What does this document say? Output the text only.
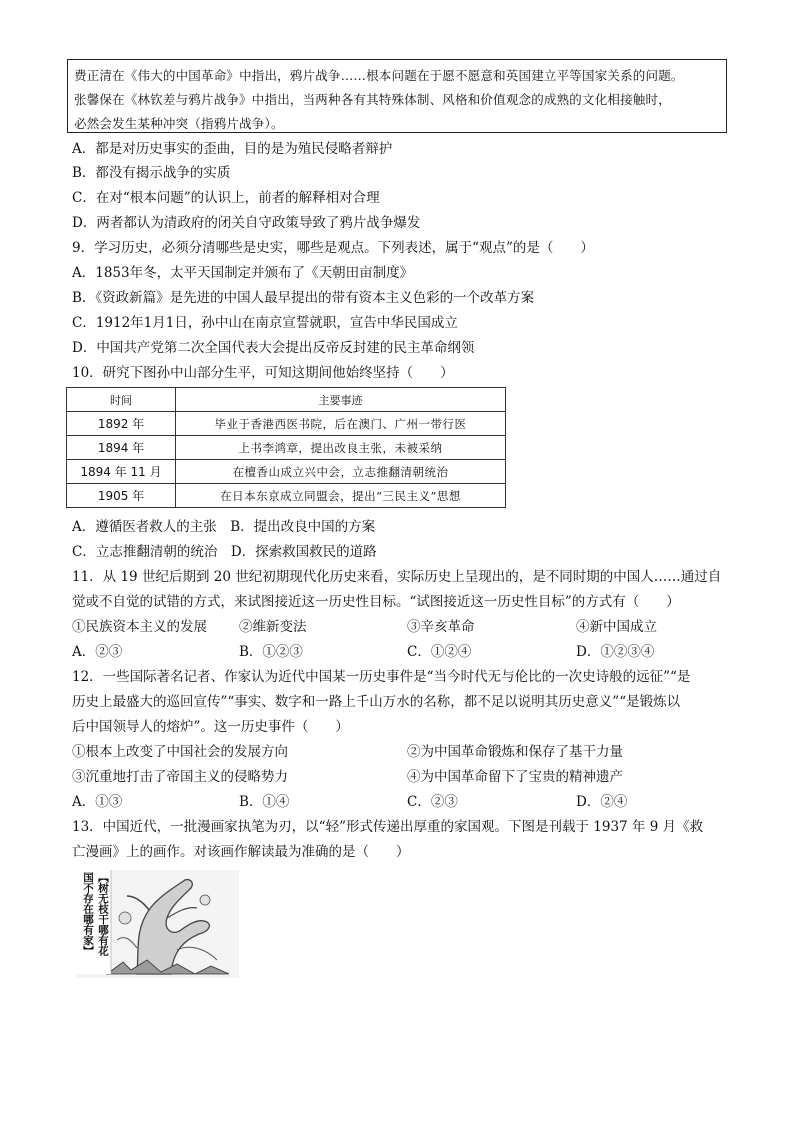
费正清在《伟大的中国革命》中指出，鸦片战争……根本问题在于愿不愿意和英国建立平等国家关系的问题。
张馨保在《林钦差与鸦片战争》中指出，当两种各有其特殊体制、风格和价值观念的成熟的文化相接触时，
必然会发生某种冲突（指鸦片战争）。
A．都是对历史事实的歪曲，目的是为殖民侵略者辩护
B．都没有揭示战争的实质
C．在对“根本问题”的认识上，前者的解释相对合理
D．两者都认为清政府的闭关自守政策导致了鸦片战争爆发
9．学习历史，必须分清哪些是史实，哪些是观点。下列表述，属于“观点”的是（　　）
A．1853年冬，太平天国制定并颁布了《天朝田亩制度》
B．《资政新篇》是先进的中国人最早提出的带有资本主义色彩的一个改革方案
C．1912年1月1日，孙中山在南京宣誓就职，宣告中华民国成立
D．中国共产党第二次全国代表大会提出反帝反封建的民主革命纲领
10．研究下图孙中山部分生平，可知这期间他始终坚持（　　）
时间	主要事迹
1892 年	毕业于香港西医书院，后在澳门、广州一带行医
1894 年	上书李鸿章，提出改良主张，未被采纳
1894 年 11 月	在檀香山成立兴中会，立志推翻清朝统治
1905 年	在日本东京成立同盟会，提出“三民主义”思想
A．遵循医者救人的主张　B．提出改良中国的方案
C．立志推翻清朝的统治　D．探索救国救民的道路
11．从 19 世纪后期到 20 世纪初期现代化历史来看，实际历史上呈现出的，是不同时期的中国人……通过自
觉或不自觉的试错的方式，来试图接近这一历史性目标。“试图接近这一历史性目标”的方式有（　　）
①民族资本主义的发展 ②维新变法	③辛亥革命	④新中国成立
A．②③	B．①②③	C．①②④	D．①②③④
12．一些国际著名记者、作家认为近代中国某一历史事件是“当今时代无与伦比的一次史诗般的远征”“是
历史上最盛大的巡回宣传”“事实、数字和一路上千山万水的名称，都不足以说明其历史意义”“是锻炼以
后中国领导人的熔炉”。这一历史事件（　　）
①根本上改变了中国社会的发展方向	②为中国革命锻炼和保存了基干力量
③沉重地打击了帝国主义的侵略势力	④为中国革命留下了宝贵的精神遗产
A．①③	B．①④	C．②③	D．②④
13．中国近代，一批漫画家执笔为刃，以“轻”形式传递出厚重的家国观。下图是刊载于 1937 年 9 月《救
亡漫画》上的画作。对该画作解读最为准确的是（　　）
【树无枝干哪有花
国不存在哪有家】
